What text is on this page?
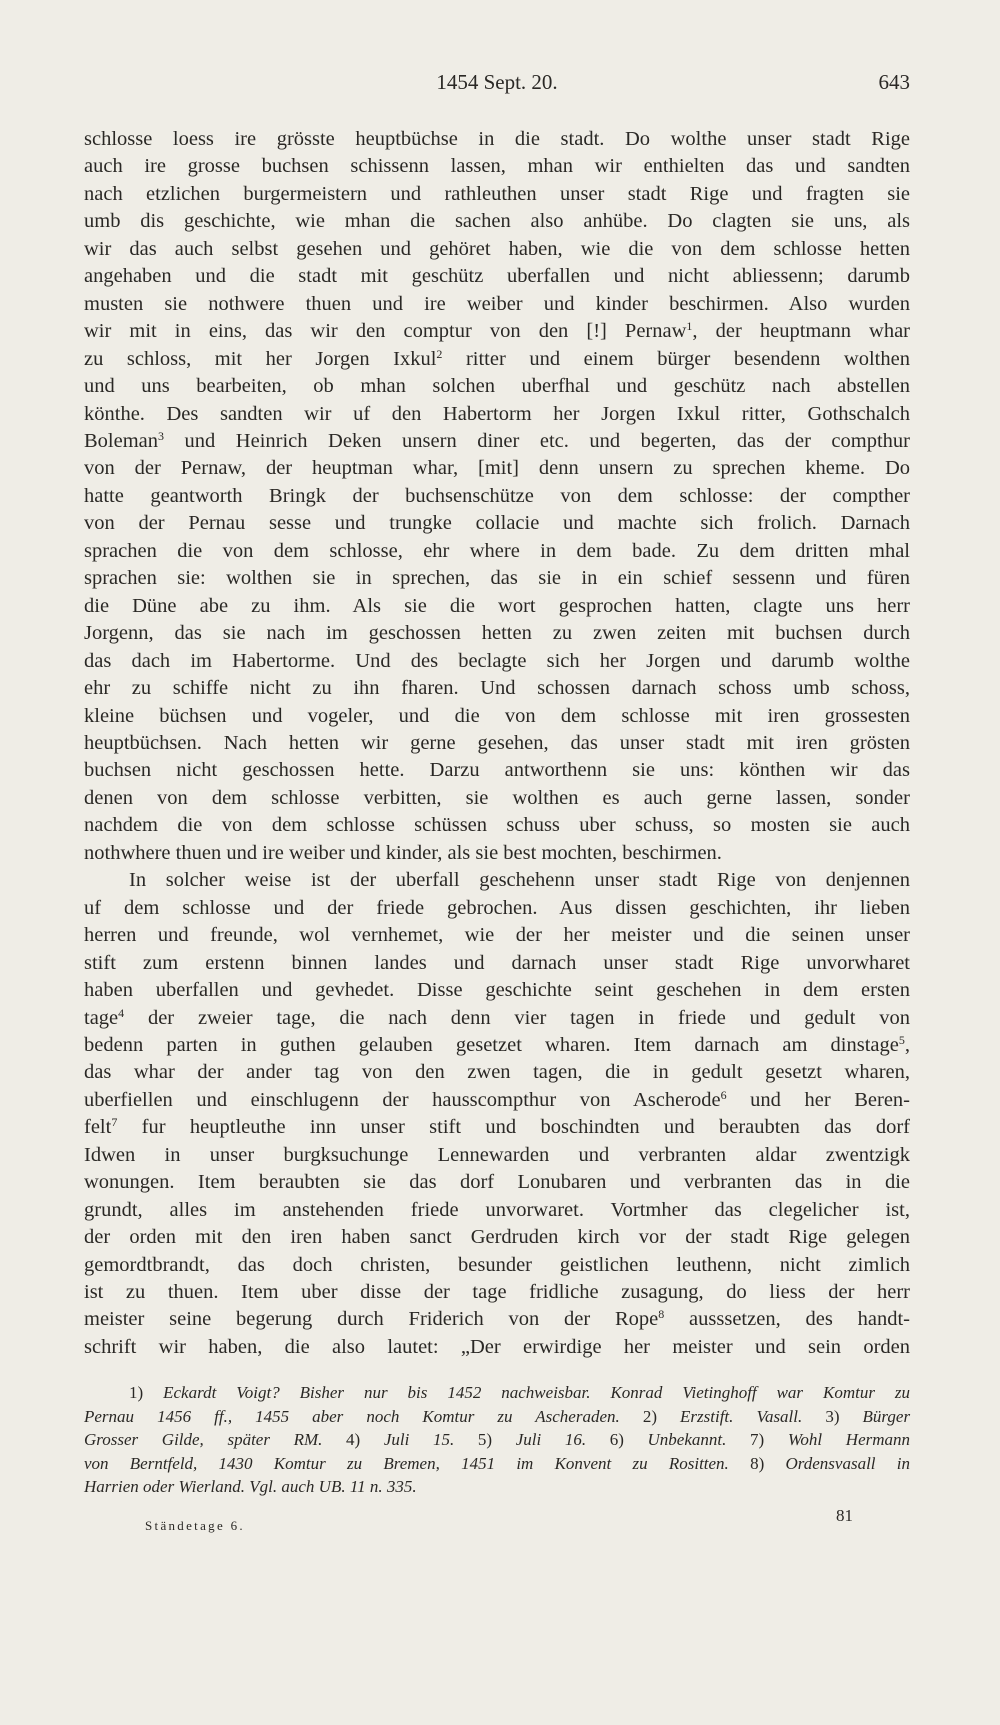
1454 Sept. 20.	643

schlosse loess ire grösste heuptbüchse in die stadt. Do wolthe unser stadt Rige
auch ire grosse buchsen schissenn lassen, mhan wir enthielten das und sandten
nach etzlichen burgermeistern und rathleuthen unser stadt Rige und fragten sie
umb dis geschichte, wie mhan die sachen also anhübe. Do clagten sie uns, als
wir das auch selbst gesehen und gehöret haben, wie die von dem schlosse hetten
angehaben und die stadt mit geschütz uberfallen und nicht abliessenn; darumb
musten sie nothwere thuen und ire weiber und kinder beschirmen. Also wurden
wir mit in eins, das wir den comptur von den [!] Pernaw$^1$, der heuptmann whar
zu schloss, mit her Jorgen Ixkul$^2$ ritter und einem bürger besendenn wolthen
und uns bearbeiten, ob mhan solchen uberfhal und geschütz nach abstellen
könthe. Des sandten wir uf den Habertorm her Jorgen Ixkul ritter, Gothschalch
Boleman$^3$ und Heinrich Deken unsern diner etc. und begerten, das der compthur
von der Pernaw, der heuptman whar, [mit] denn unsern zu sprechen kheme. Do
hatte geantworth Bringk der buchsenschütze von dem schlosse: der compther
von der Pernau sesse und trungke collacie und machte sich frolich. Darnach
sprachen die von dem schlosse, ehr where in dem bade. Zu dem dritten mhal
sprachen sie: wolthen sie in sprechen, das sie in ein schief sessenn und füren
die Düne abe zu ihm. Als sie die wort gesprochen hatten, clagte uns herr
Jorgenn, das sie nach im geschossen hetten zu zwen zeiten mit buchsen durch
das dach im Habertorme. Und des beclagte sich her Jorgen und darumb wolthe
ehr zu schiffe nicht zu ihn fharen. Und schossen darnach schoss umb schoss,
kleine büchsen und vogeler, und die von dem schlosse mit iren grossesten
heuptbüchsen. Nach hetten wir gerne gesehen, das unser stadt mit iren grösten
buchsen nicht geschossen hette. Darzu antworthenn sie uns: könthen wir das
denen von dem schlosse verbitten, sie wolthen es auch gerne lassen, sonder
nachdem die von dem schlosse schüssen schuss uber schuss, so mosten sie auch
nothwhere thuen und ire weiber und kinder, als sie best mochten, beschirmen.

In solcher weise ist der uberfall geschehenn unser stadt Rige von denjennen
uf dem schlosse und der friede gebrochen. Aus dissen geschichten, ihr lieben
herren und freunde, wol vernhemet, wie der her meister und die seinen unser
stift zum erstenn binnen landes und darnach unser stadt Rige unvorwharet
haben uberfallen und gevhedet. Disse geschichte seint geschehen in dem ersten
tage$^4$ der zweier tage, die nach denn vier tagen in friede und gedult von
bedenn parten in guthen gelauben gesetzet wharen. Item darnach am dinstage$^5$,
das whar der ander tag von den zwen tagen, die in gedult gesetzt wharen,
uberfiellen und einschlugenn der hausscompthur von Ascherode$^6$ und her Beren-
felt$^7$ fur heuptleuthe inn unser stift und boschindten und beraubten das dorf
Idwen in unser burgksuchunge Lennewarden und verbranten aldar zwentzigk
wonungen. Item beraubten sie das dorf Lonubaren und verbranten das in die
grundt, alles im anstehenden friede unvorwaret. Vortmher das clegelicher ist,
der orden mit den iren haben sanct Gerdruden kirch vor der stadt Rige gelegen
gemordtbrandt, das doch christen, besunder geistlichen leuthenn, nicht zimlich
ist zu thuen. Item uber disse der tage fridliche zusagung, do liess der herr
meister seine begerung durch Friderich von der Rope$^8$ ausssetzen, des handt-
schrift wir haben, die also lautet: „Der erwirdige her meister und sein orden

1) Eckardt Voigt? Bisher nur bis 1452 nachweisbar. Konrad Vietinghoff war Komtur zu
Pernau 1456 ff., 1455 aber noch Komtur zu Ascheraden. 2) Erzstift. Vasall. 3) Bürger
Grosser Gilde, später RM. 4) Juli 15. 5) Juli 16. 6) Unbekannt. 7) Wohl Hermann
von Berntfeld, 1430 Komtur zu Bremen, 1451 im Konvent zu Rositten. 8) Ordensvasall in
Harrien oder Wierland. Vgl. auch UB. 11 n. 335.
Ständetage 6.
81
